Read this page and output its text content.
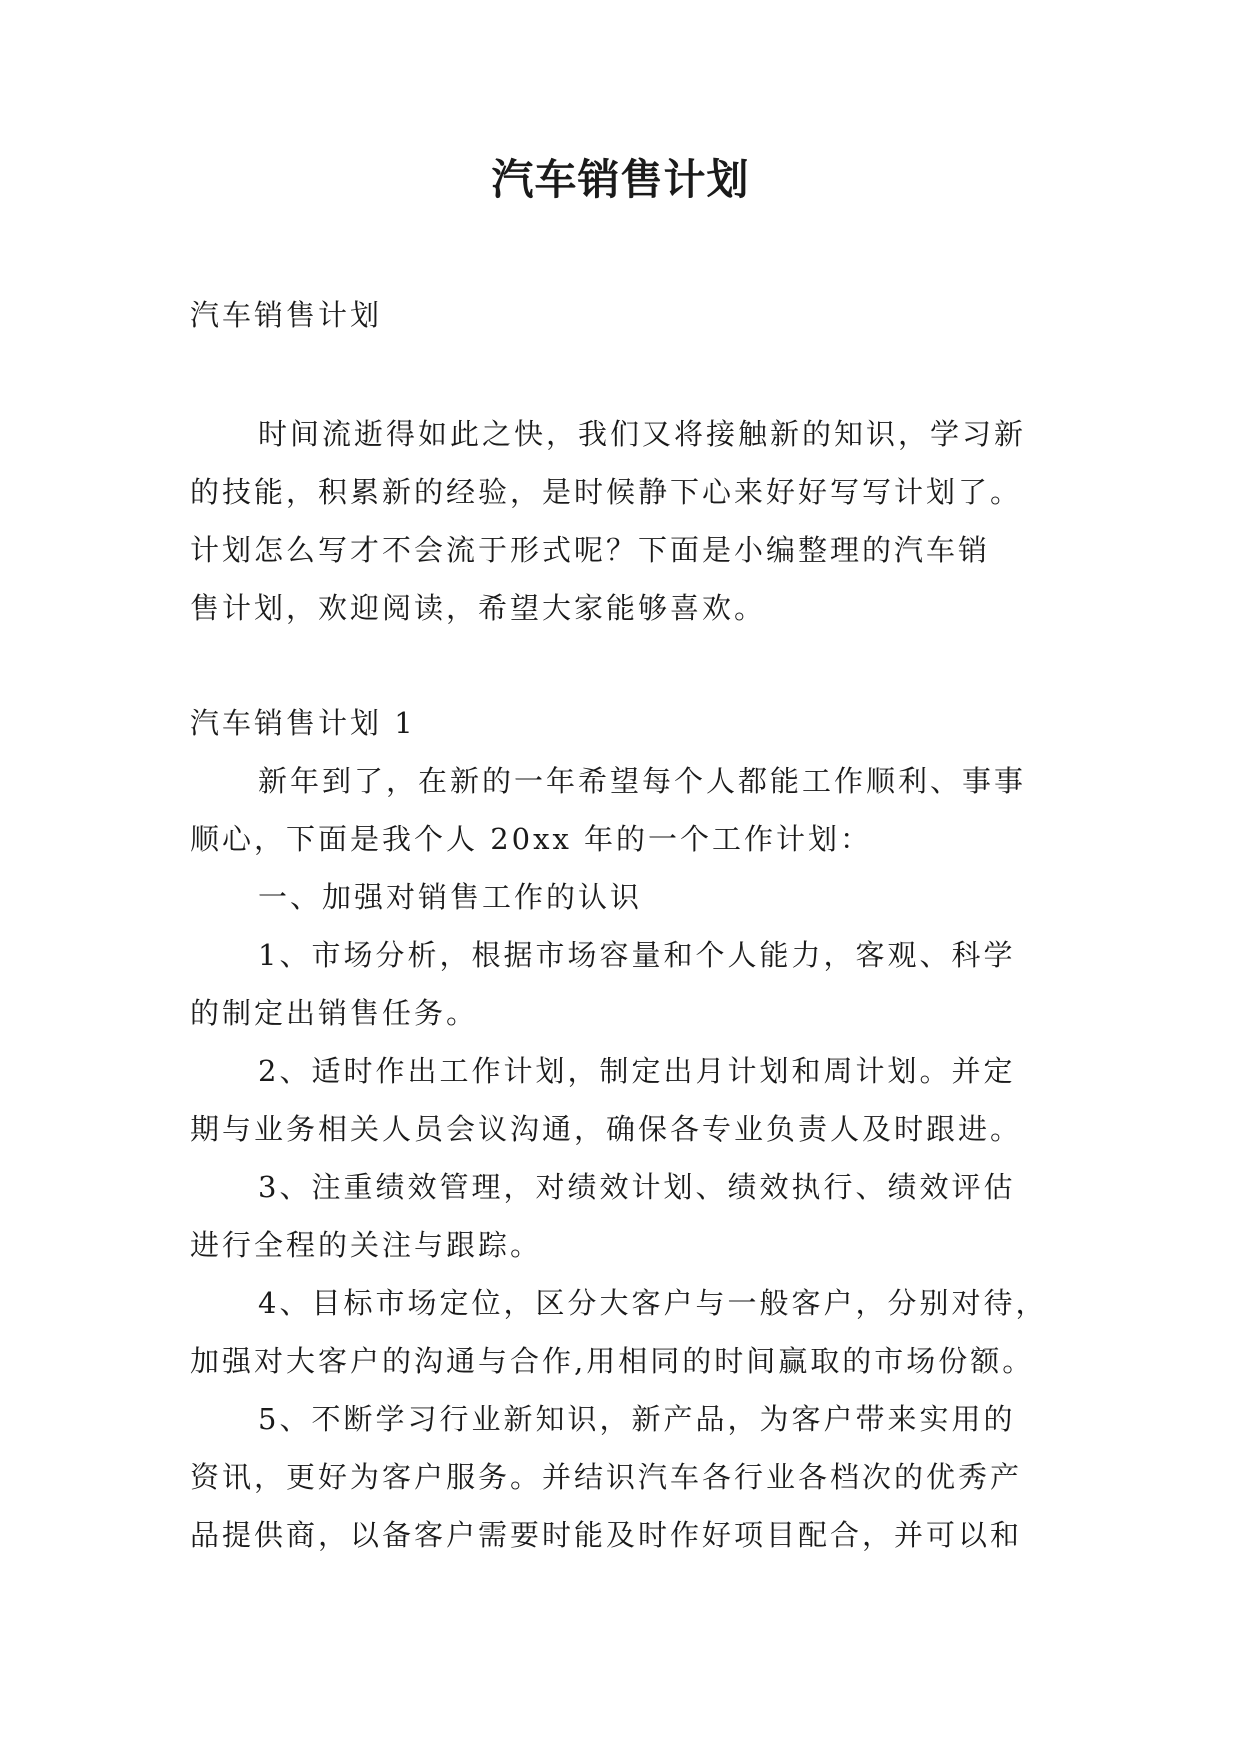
汽车销售计划

汽车销售计划

时间流逝得如此之快，我们又将接触新的知识，学习新
的技能，积累新的经验，是时候静下心来好好写写计划了。
计划怎么写才不会流于形式呢？下面是小编整理的汽车销
售计划，欢迎阅读，希望大家能够喜欢。
汽车销售计划 1
新年到了，在新的一年希望每个人都能工作顺利、事事
顺心，下面是我个人 20xx 年的一个工作计划：
一、加强对销售工作的认识
1、市场分析，根据市场容量和个人能力，客观、科学
的制定出销售任务。
2、适时作出工作计划，制定出月计划和周计划。并定
期与业务相关人员会议沟通，确保各专业负责人及时跟进。
3、注重绩效管理，对绩效计划、绩效执行、绩效评估
进行全程的关注与跟踪。
4、目标市场定位，区分大客户与一般客户，分别对待，
加强对大客户的沟通与合作,用相同的时间赢取的市场份额。
5、不断学习行业新知识，新产品，为客户带来实用的
资讯，更好为客户服务。并结识汽车各行业各档次的优秀产
品提供商，以备客户需要时能及时作好项目配合，并可以和
